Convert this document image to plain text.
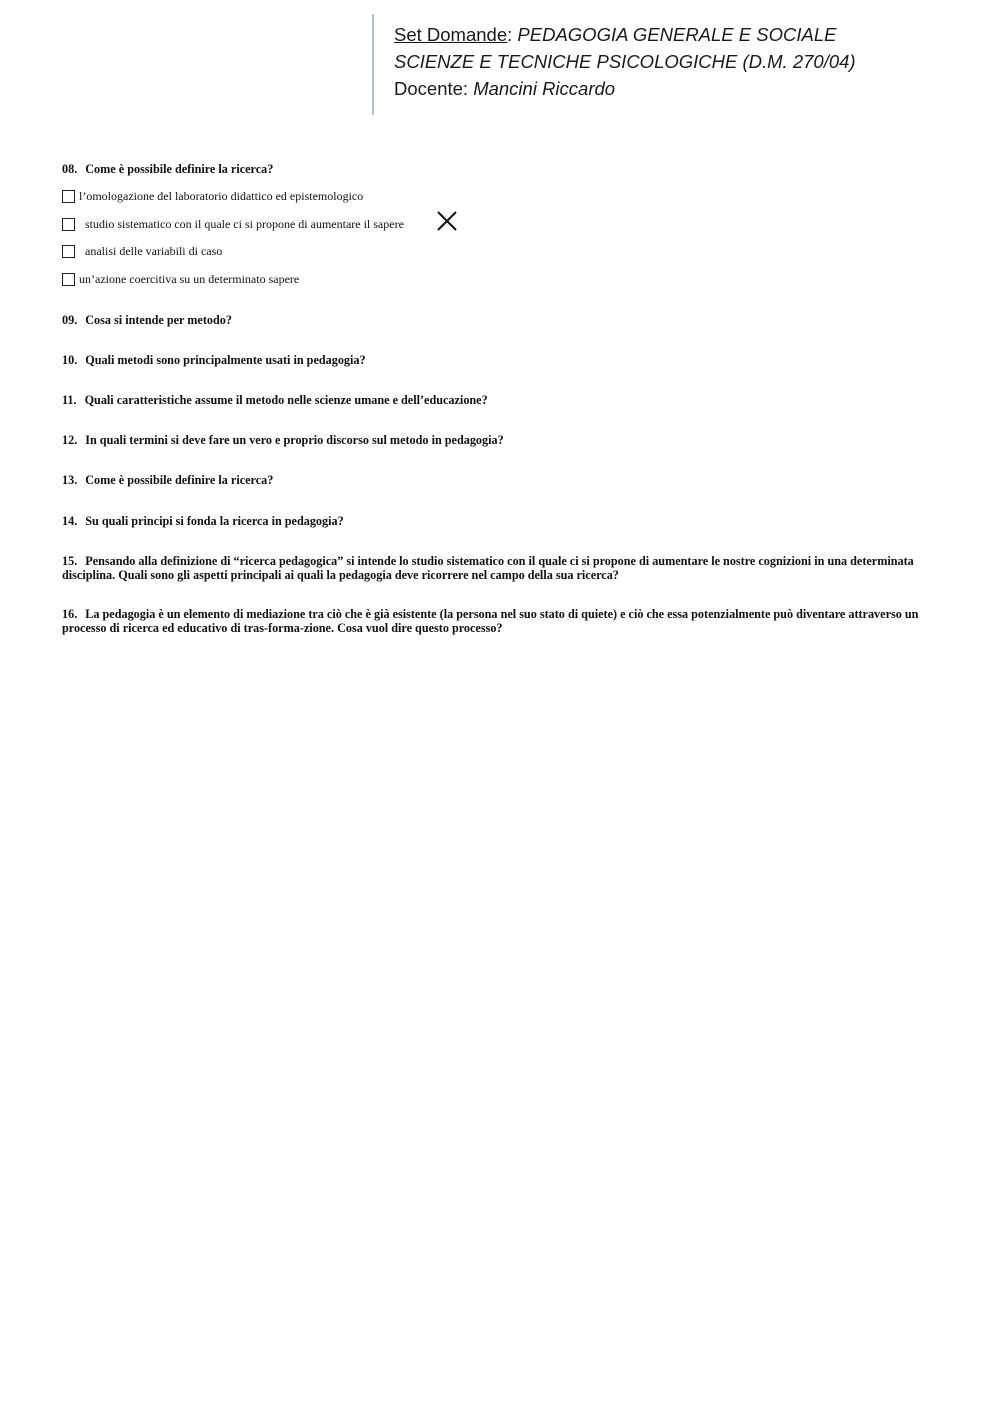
Set Domande: PEDAGOGIA GENERALE E SOCIALE
SCIENZE E TECNICHE PSICOLOGICHE (D.M. 270/04)
Docente: Mancini Riccardo
08. Come è possibile definire la ricerca?
l’omologazione del laboratorio didattico ed epistemologico
studio sistematico con il quale ci si propone di aumentare il sapere
analisi delle variabili di caso
un’azione coercitiva su un determinato sapere
09. Cosa si intende per metodo?
10. Quali metodi sono principalmente usati in pedagogia?
11. Quali caratteristiche assume il metodo nelle scienze umane e dell’educazione?
12. In quali termini si deve fare un vero e proprio discorso sul metodo in pedagogia?
13. Come è possibile definire la ricerca?
14. Su quali principi si fonda la ricerca in pedagogia?
15. Pensando alla definizione di “ricerca pedagogica” si intende lo studio sistematico con il quale ci si propone di aumentare le nostre cognizioni in una determinata disciplina. Quali sono gli aspetti principali ai quali la pedagogia deve ricorrere nel campo della sua ricerca?
16. La pedagogia è un elemento di mediazione tra ciò che è già esistente (la persona nel suo stato di quiete) e ciò che essa potenzialmente può diventare attraverso un processo di ricerca ed educativo di tras-forma-zione. Cosa vuol dire questo processo?
